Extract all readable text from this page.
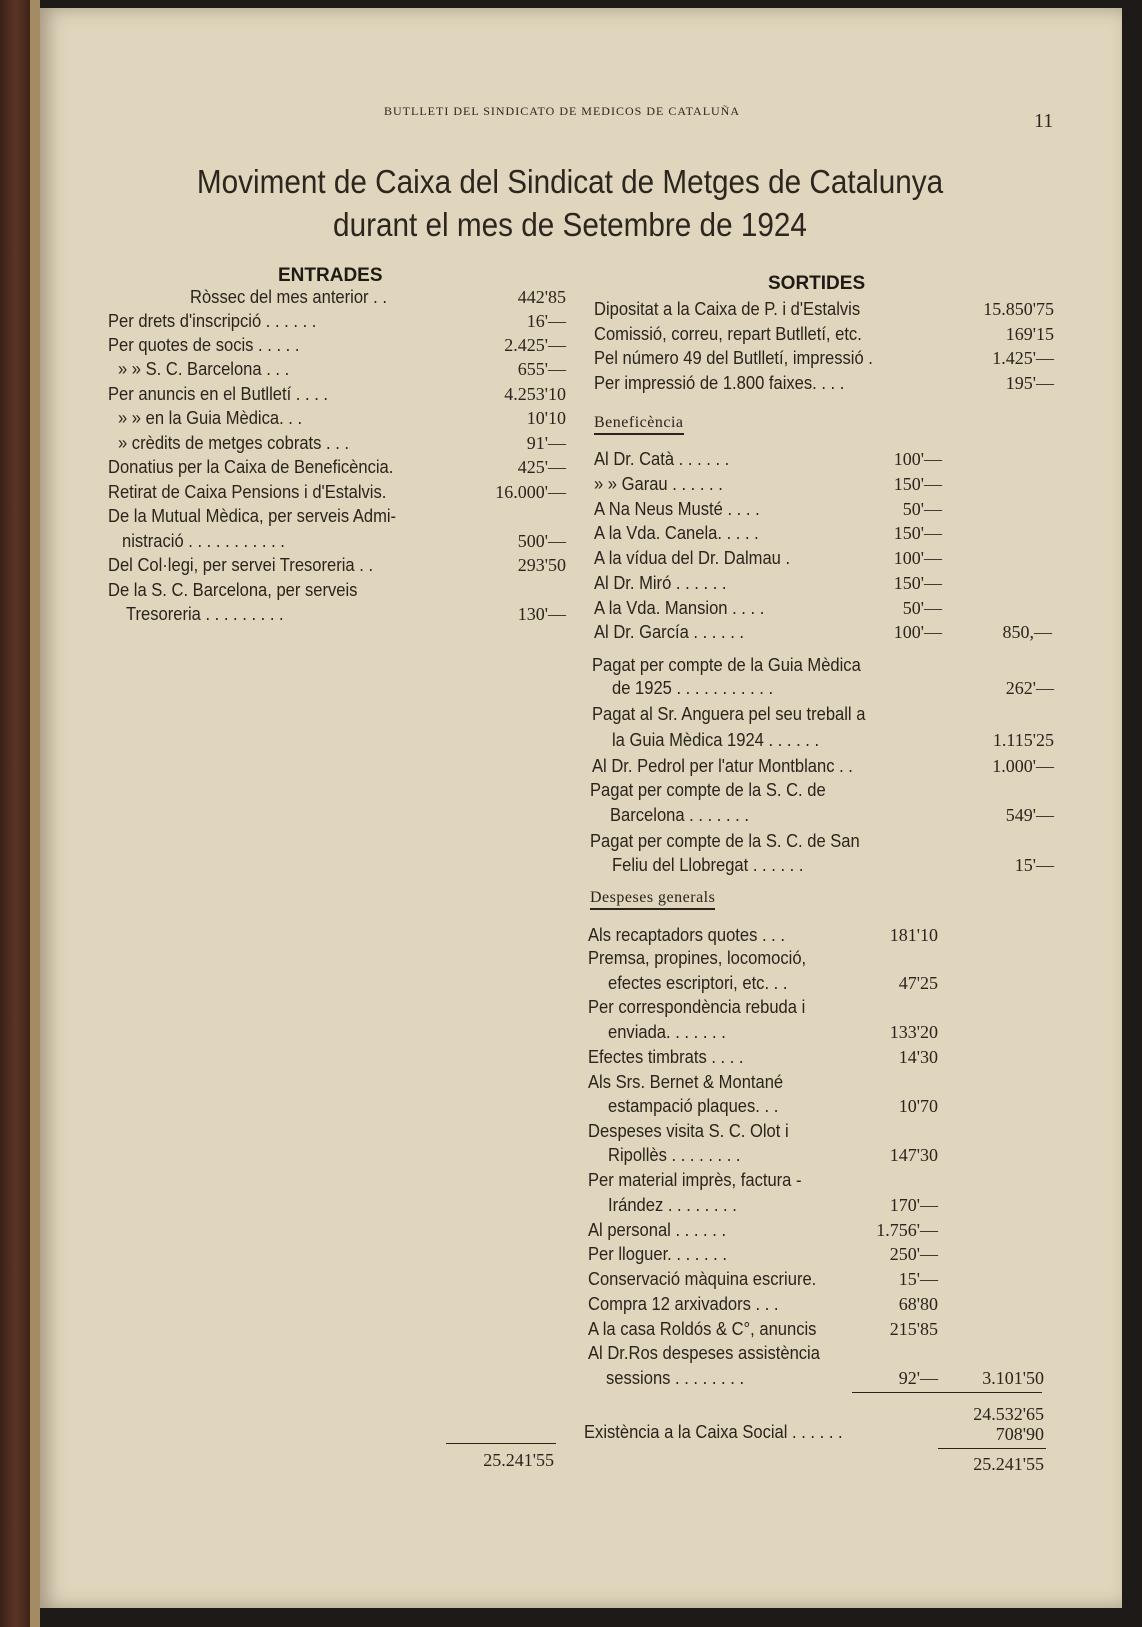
BUTLLETI DEL SINDICATO DE MEDICOS DE CATALUÑA	11
Moviment de Caixa del Sindicat de Metges de Catalunya
durant el mes de Setembre de 1924
ENTRADES	SORTIDES
Ròssec del mes anterior . .	442'85
Per drets d'inscripció . . . . . .	16'—
Per quotes de socis . . . . .	2.425'—
» » S. C. Barcelona . . .	655'—
Per anuncis en el Butlletí . . . .	4.253'10
» » en la Guia Mèdica. . .	10'10
» crèdits de metges cobrats . . .	91'—
Donatius per la Caixa de Beneficència.	425'—
Retirat de Caixa Pensions i d'Estalvis.	16.000'—
De la Mutual Mèdica, per serveis Admi-
nistració . . . . . . . . . . .	500'—
Del Col·legi, per servei Tresoreria . .	293'50
De la S. C. Barcelona, per serveis
Tresoreria . . . . . . . . .	130'—
25.241'55
Dipositat a la Caixa de P. i d'Estalvis	15.850'75
Comissió, correu, repart Butlletí, etc.	169'15
Pel número 49 del Butlletí, impressió .	1.425'—
Per impressió de 1.800 faixes. . . .	195'—
Beneficència
Al Dr. Catà . . . . . .	100'—
» » Garau . . . . . .	150'—
A Na Neus Musté . . . .	50'—
A la Vda. Canela. . . . .	150'—
A la vídua del Dr. Dalmau .	100'—
Al Dr. Miró . . . . . .	150'—
A la Vda. Mansion . . . .	50'—
Al Dr. García . . . . . .	100'—	850,—
Pagat per compte de la Guia Mèdica
de 1925 . . . . . . . . . . .	262'—
Pagat al Sr. Anguera pel seu treball a
la Guia Mèdica 1924 . . . . . .	1.115'25
Al Dr. Pedrol per l'atur Montblanc . .	1.000'—
Pagat per compte de la S. C. de
Barcelona . . . . . . .	549'—
Pagat per compte de la S. C. de San
Feliu del Llobregat . . . . . .	15'—
Despeses generals
Als recaptadors quotes . . .	181'10
Premsa, propines, locomoció,
efectes escriptori, etc. . .	47'25
Per correspondència rebuda i
enviada. . . . . . .	133'20
Efectes timbrats . . . .	14'30
Als Srs. Bernet & Montané
estampació plaques. . .	10'70
Despeses visita S. C. Olot i
Ripollès . . . . . . . .	147'30
Per material imprès, factura -
Irández . . . . . . . .	170'—
Al personal . . . . . .	1.756'—
Per lloguer. . . . . . .	250'—
Conservació màquina escriure.	15'—
Compra 12 arxivadors . . .	68'80
A la casa Roldós & C°, anuncis	215'85
Al Dr.Ros despeses assistència
sessions . . . . . . . .	92'—	3.101'50
24.532'65
Existència a la Caixa Social . . . . . .	708'90
25.241'55
